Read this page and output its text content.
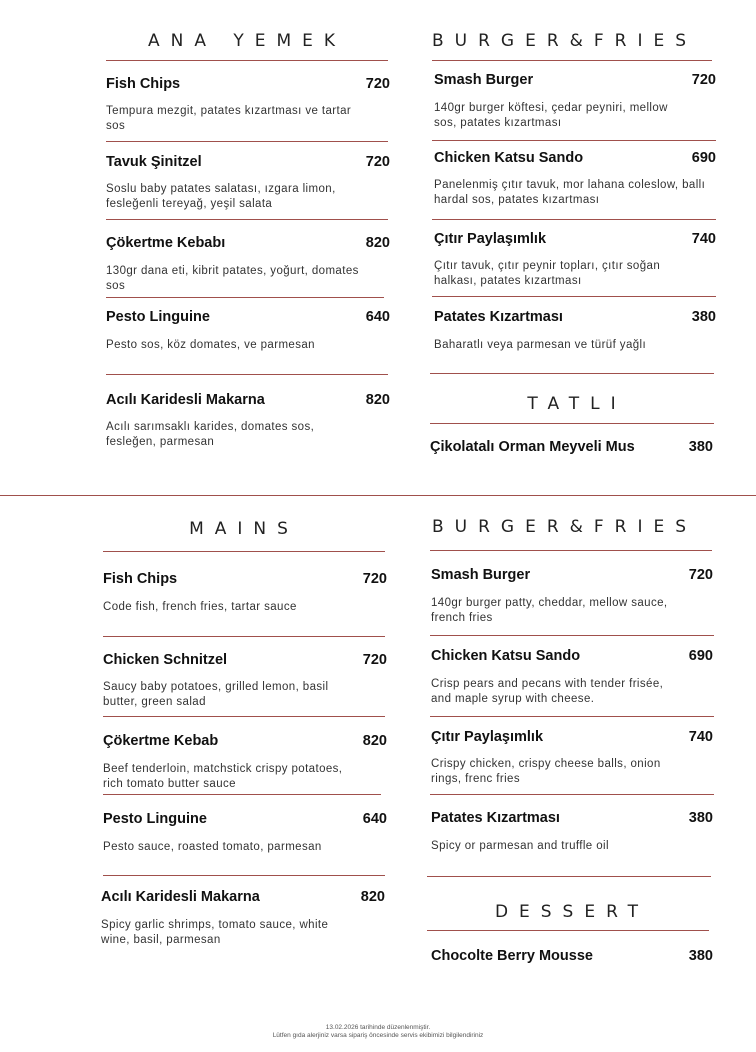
ANA YEMEK
Fish Chips	720
Tempura mezgit, patates kızartması ve tartar sos
Tavuk Şinitzel	720
Soslu baby patates salatası, ızgara limon, fesleğenli tereyağ, yeşil salata
Çökertme Kebabı	820
130gr dana eti, kibrit patates, yoğurt, domates sos
Pesto Linguine	640
Pesto sos, köz domates, ve parmesan
Acılı Karidesli Makarna	820
Acılı sarımsaklı karides, domates sos, fesleğen, parmesan
BURGER&FRIES
Smash Burger	720
140gr burger köftesi, çedar peyniri, mellow sos, patates kızartması
Chicken Katsu Sando	690
Panelenmiş çıtır tavuk, mor lahana coleslow, ballı hardal sos, patates kızartması
Çıtır Paylaşımlık	740
Çıtır tavuk, çıtır peynir topları, çıtır soğan halkası, patates kızartması
Patates Kızartması	380
Baharatlı veya parmesan ve türüf yağlı
TATLI
Çikolatalı Orman Meyveli Mus	380
MAINS
Fish Chips	720
Code fish, french fries, tartar sauce
Chicken Schnitzel	720
Saucy baby potatoes, grilled lemon, basil butter, green salad
Çökertme Kebab	820
Beef tenderloin, matchstick crispy potatoes, rich tomato butter sauce
Pesto Linguine	640
Pesto sauce, roasted tomato, parmesan
Acılı Karidesli Makarna	820
Spicy garlic shrimps, tomato sauce, white wine, basil, parmesan
BURGER&FRIES
Smash Burger	720
140gr burger patty, cheddar, mellow sauce, french fries
Chicken Katsu Sando	690
Crisp pears and pecans with tender frisée, and maple syrup with cheese.
Çıtır Paylaşımlık	740
Crispy chicken, crispy cheese balls, onion rings, frenc fries
Patates Kızartması	380
Spicy or parmesan and truffle oil
DESSERT
Chocolte Berry Mousse	380
13.02.2026 tarihinde düzenlenmiştir.
Lütfen gıda alerjiniz varsa sipariş öncesinde servis ekibimizi bilgilendiriniz
